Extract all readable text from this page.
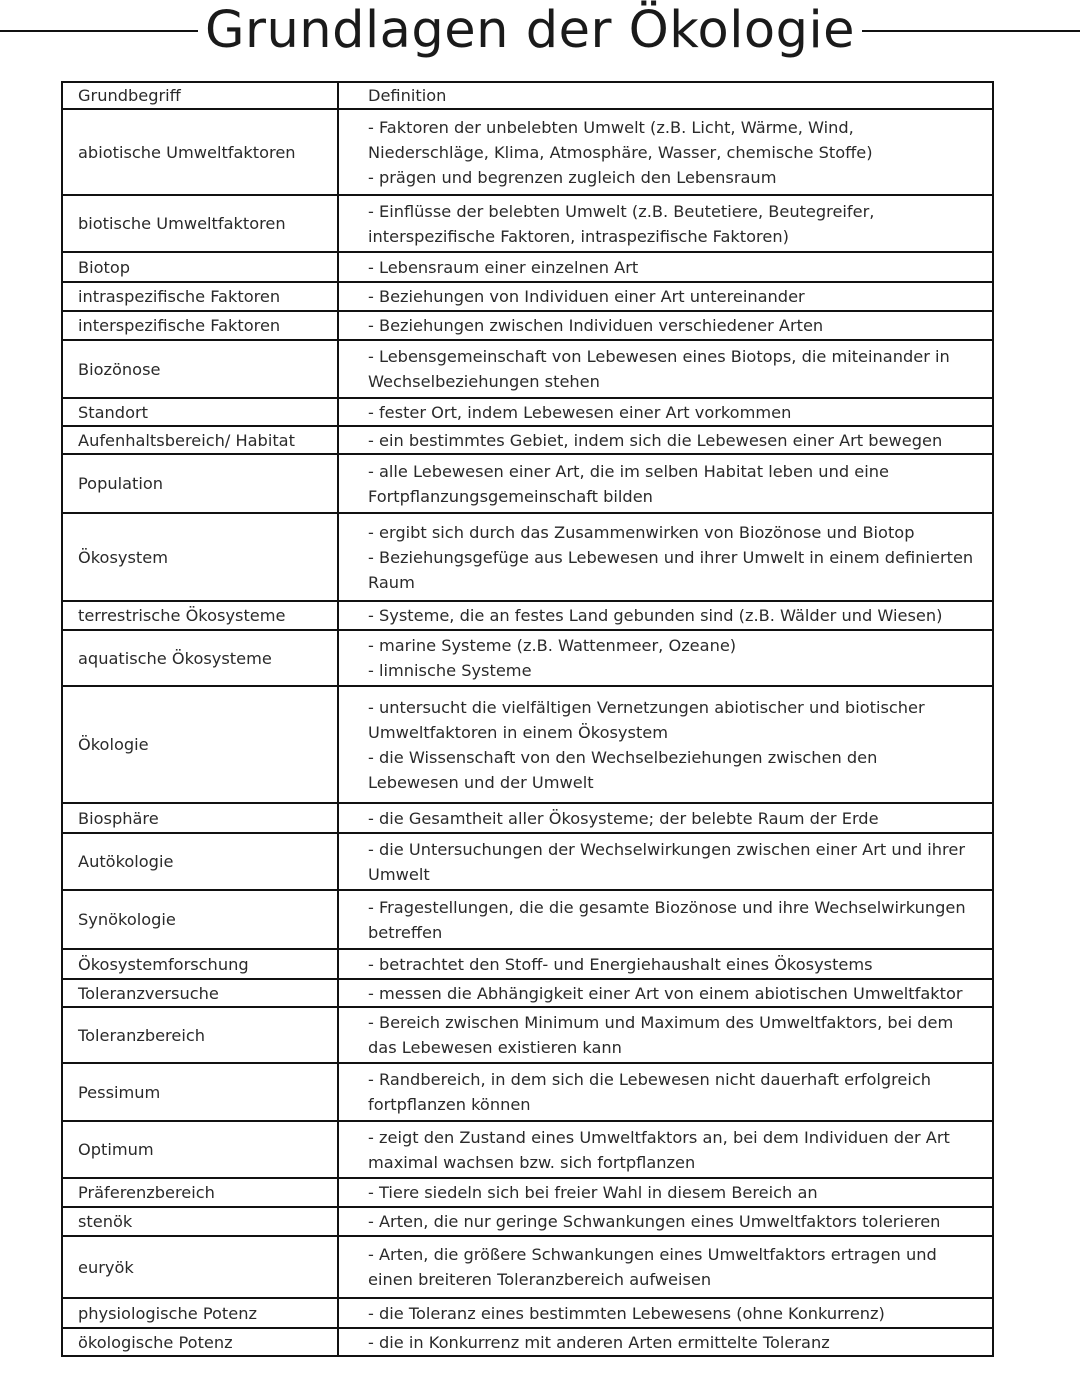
Grundlagen der Ökologie
Grundbegriff	Definition
abiotische Umweltfaktoren	- Faktoren der unbelebten Umwelt (z.B. Licht, Wärme, Wind,
Niederschläge, Klima, Atmosphäre, Wasser, chemische Stoffe)
- prägen und begrenzen zugleich den Lebensraum

biotische Umweltfaktoren	- Einflüsse der belebten Umwelt (z.B. Beutetiere, Beutegreifer,
interspezifische Faktoren, intraspezifische Faktoren)

Biotop	- Lebensraum einer einzelnen Art

intraspezifische Faktoren	- Beziehungen von Individuen einer Art untereinander

interspezifische Faktoren	- Beziehungen zwischen Individuen verschiedener Arten

Biozönose	- Lebensgemeinschaft von Lebewesen eines Biotops, die miteinander in
Wechselbeziehungen stehen

Standort	- fester Ort, indem Lebewesen einer Art vorkommen

Aufenhaltsbereich/ Habitat	- ein bestimmtes Gebiet, indem sich die Lebewesen einer Art bewegen

Population	- alle Lebewesen einer Art, die im selben Habitat leben und eine
Fortpflanzungsgemeinschaft bilden

Ökosystem	- ergibt sich durch das Zusammenwirken von Biozönose und Biotop
- Beziehungsgefüge aus Lebewesen und ihrer Umwelt in einem definierten
Raum

terrestrische Ökosysteme	- Systeme, die an festes Land gebunden sind (z.B. Wälder und Wiesen)

aquatische Ökosysteme	- marine Systeme (z.B. Wattenmeer, Ozeane)
- limnische Systeme

Ökologie	- untersucht die vielfältigen Vernetzungen abiotischer und biotischer
Umweltfaktoren in einem Ökosystem
- die Wissenschaft von den Wechselbeziehungen zwischen den
Lebewesen und der Umwelt

Biosphäre	- die Gesamtheit aller Ökosysteme; der belebte Raum der Erde

Autökologie	- die Untersuchungen der Wechselwirkungen zwischen einer Art und ihrer
Umwelt

Synökologie	- Fragestellungen, die die gesamte Biozönose und ihre Wechselwirkungen
betreffen

Ökosystemforschung	- betrachtet den Stoff- und Energiehaushalt eines Ökosystems

Toleranzversuche	- messen die Abhängigkeit einer Art von einem abiotischen Umweltfaktor

Toleranzbereich	- Bereich zwischen Minimum und Maximum des Umweltfaktors, bei dem
das Lebewesen existieren kann

Pessimum	- Randbereich, in dem sich die Lebewesen nicht dauerhaft erfolgreich
fortpflanzen können

Optimum	- zeigt den Zustand eines Umweltfaktors an, bei dem Individuen der Art
maximal wachsen bzw. sich fortpflanzen

Präferenzbereich	- Tiere siedeln sich bei freier Wahl in diesem Bereich an

stenök	- Arten, die nur geringe Schwankungen eines Umweltfaktors tolerieren

euryök	- Arten, die größere Schwankungen eines Umweltfaktors ertragen und
einen breiteren Toleranzbereich aufweisen

physiologische Potenz	- die Toleranz eines bestimmten Lebewesens (ohne Konkurrenz)

ökologische Potenz	- die in Konkurrenz mit anderen Arten ermittelte Toleranz
